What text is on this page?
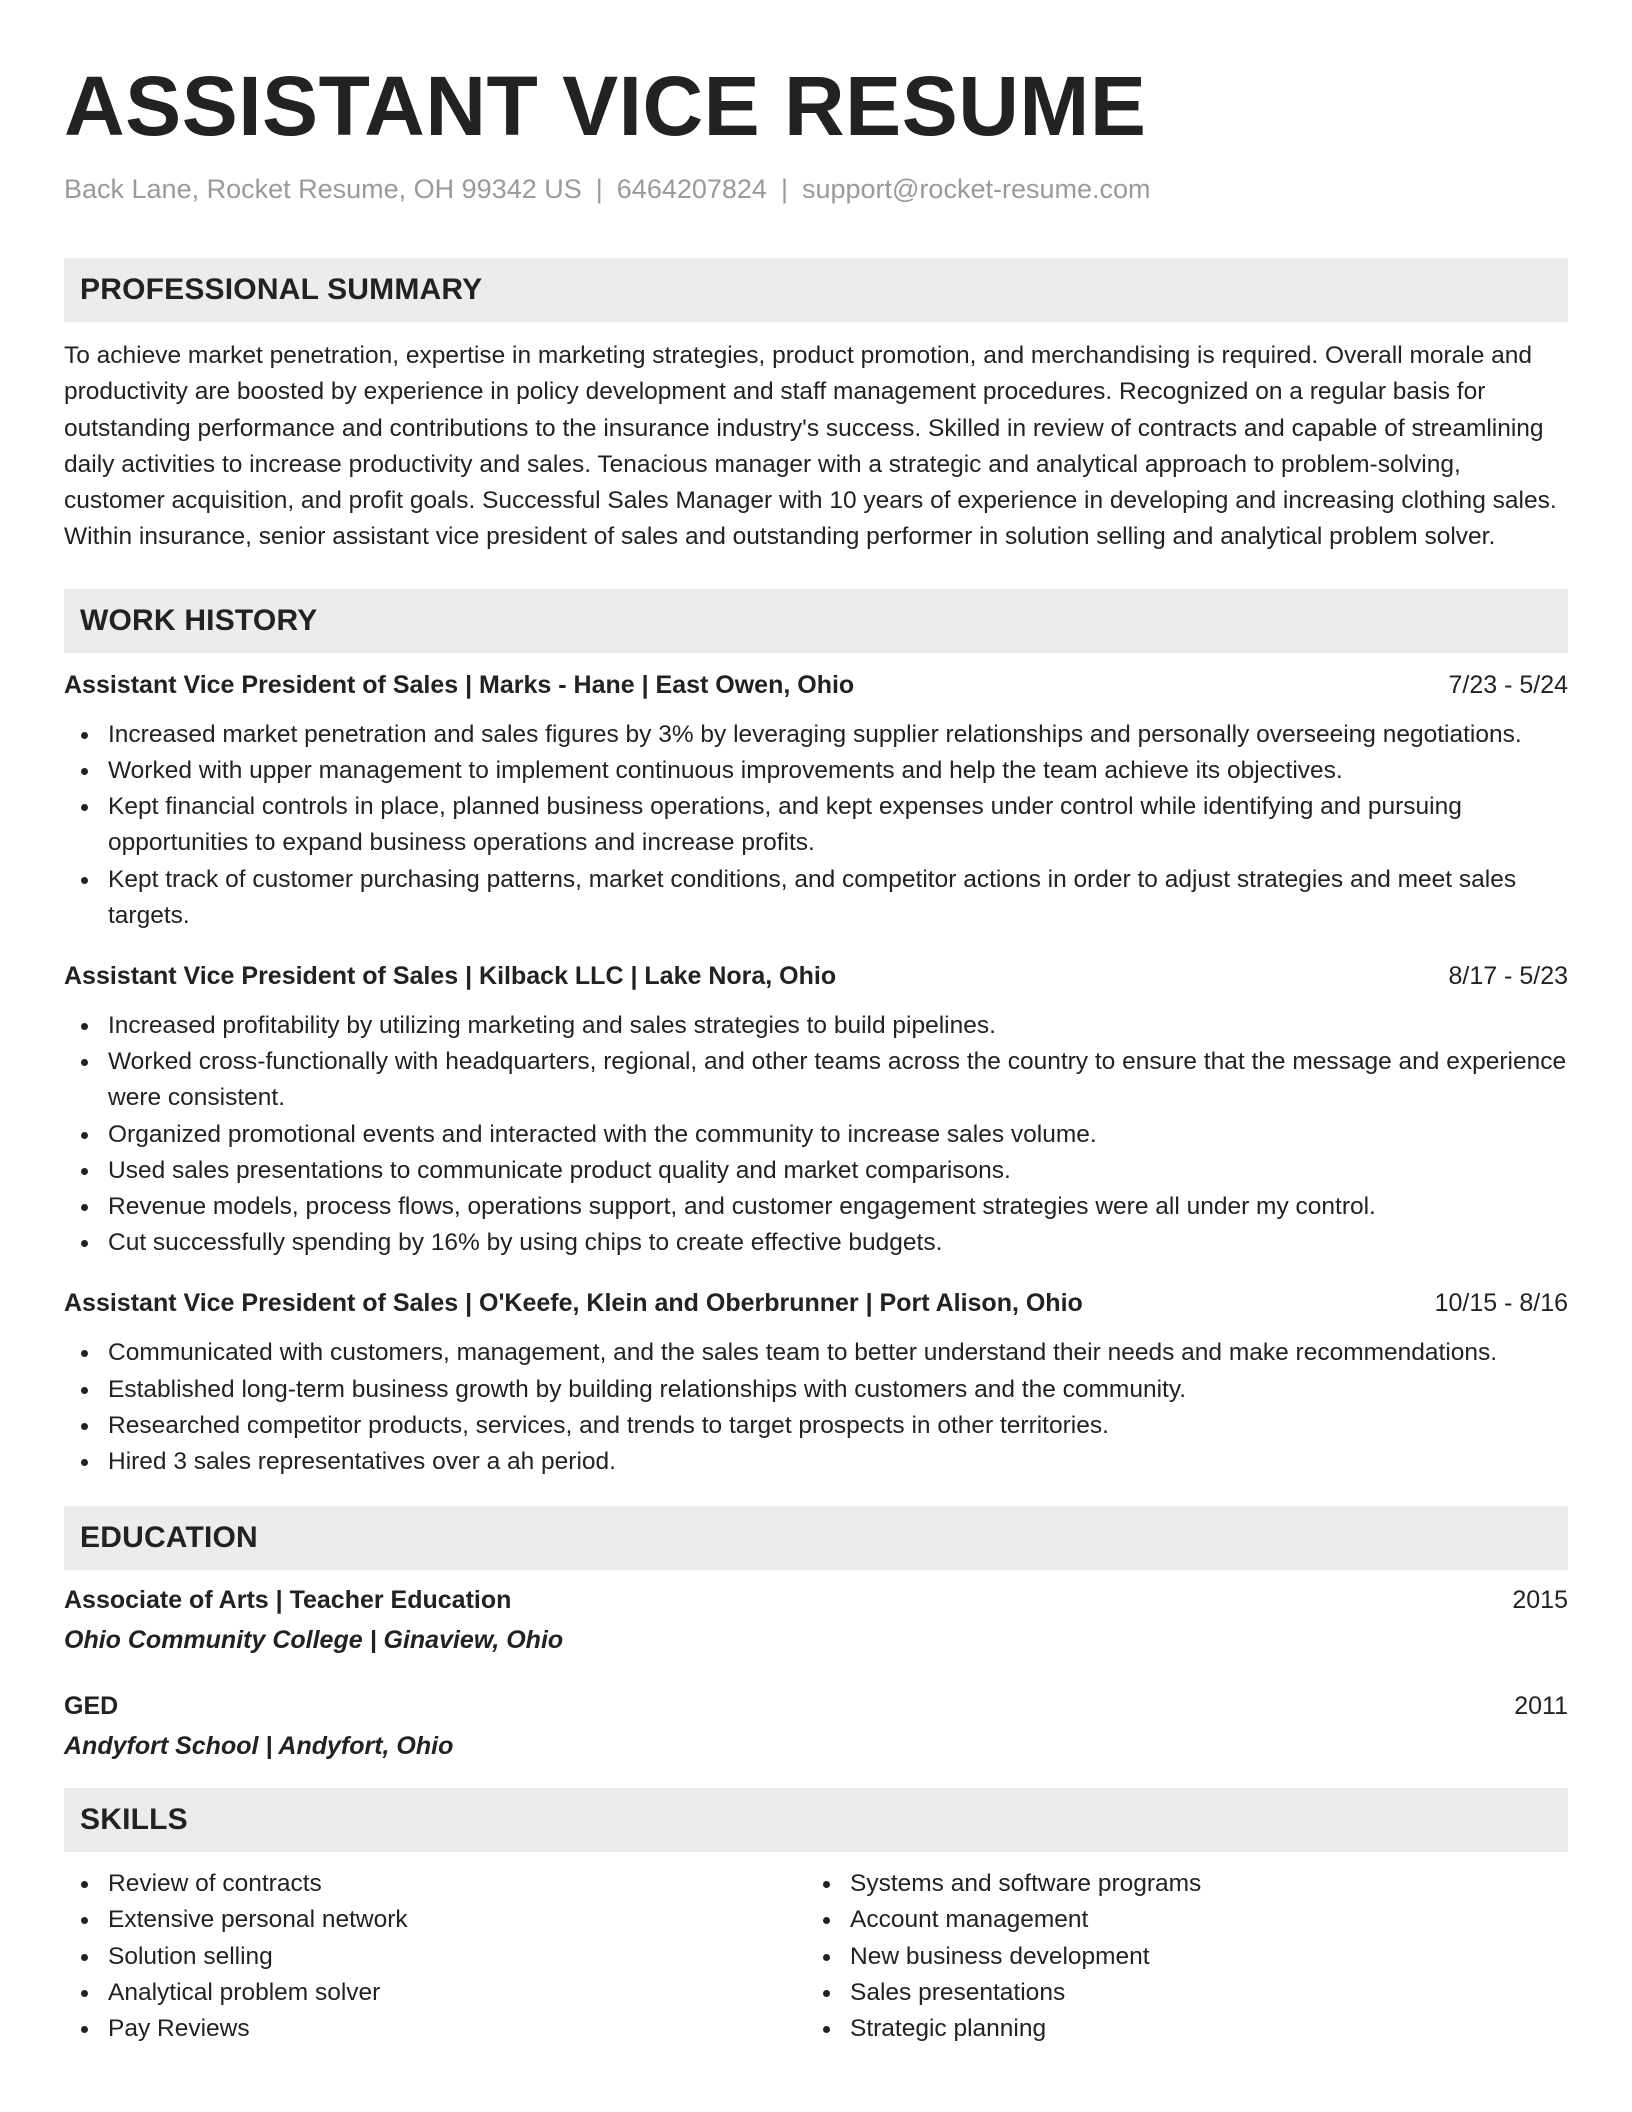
ASSISTANT VICE RESUME
Back Lane, Rocket Resume, OH 99342 US | 6464207824 | support@rocket-resume.com
PROFESSIONAL SUMMARY

To achieve market penetration, expertise in marketing strategies, product promotion, and merchandising is required. Overall morale and productivity are boosted by experience in policy development and staff management procedures. Recognized on a regular basis for outstanding performance and contributions to the insurance industry's success. Skilled in review of contracts and capable of streamlining daily activities to increase productivity and sales. Tenacious manager with a strategic and analytical approach to problem-solving, customer acquisition, and profit goals. Successful Sales Manager with 10 years of experience in developing and increasing clothing sales. Within insurance, senior assistant vice president of sales and outstanding performer in solution selling and analytical problem solver.

WORK HISTORY
Assistant Vice President of Sales | Marks - Hane | East Owen, Ohio	7/23 - 5/24
Increased market penetration and sales figures by 3% by leveraging supplier relationships and personally overseeing negotiations.
Worked with upper management to implement continuous improvements and help the team achieve its objectives.
Kept financial controls in place, planned business operations, and kept expenses under control while identifying and pursuing opportunities to expand business operations and increase profits.
Kept track of customer purchasing patterns, market conditions, and competitor actions in order to adjust strategies and meet sales targets.
Assistant Vice President of Sales | Kilback LLC | Lake Nora, Ohio	8/17 - 5/23
Increased profitability by utilizing marketing and sales strategies to build pipelines.
Worked cross-functionally with headquarters, regional, and other teams across the country to ensure that the message and experience were consistent.
Organized promotional events and interacted with the community to increase sales volume.
Used sales presentations to communicate product quality and market comparisons.
Revenue models, process flows, operations support, and customer engagement strategies were all under my control.
Cut successfully spending by 16% by using chips to create effective budgets.
Assistant Vice President of Sales | O'Keefe, Klein and Oberbrunner | Port Alison, Ohio	10/15 - 8/16
Communicated with customers, management, and the sales team to better understand their needs and make recommendations.
Established long-term business growth by building relationships with customers and the community.
Researched competitor products, services, and trends to target prospects in other territories.
Hired 3 sales representatives over a ah period.
EDUCATION
Associate of Arts | Teacher Education	2015
Ohio Community College | Ginaview, Ohio
GED	2011
Andyfort School | Andyfort, Ohio
SKILLS
Review of contracts
Extensive personal network
Solution selling
Analytical problem solver
Pay Reviews
Systems and software programs
Account management
New business development
Sales presentations
Strategic planning
